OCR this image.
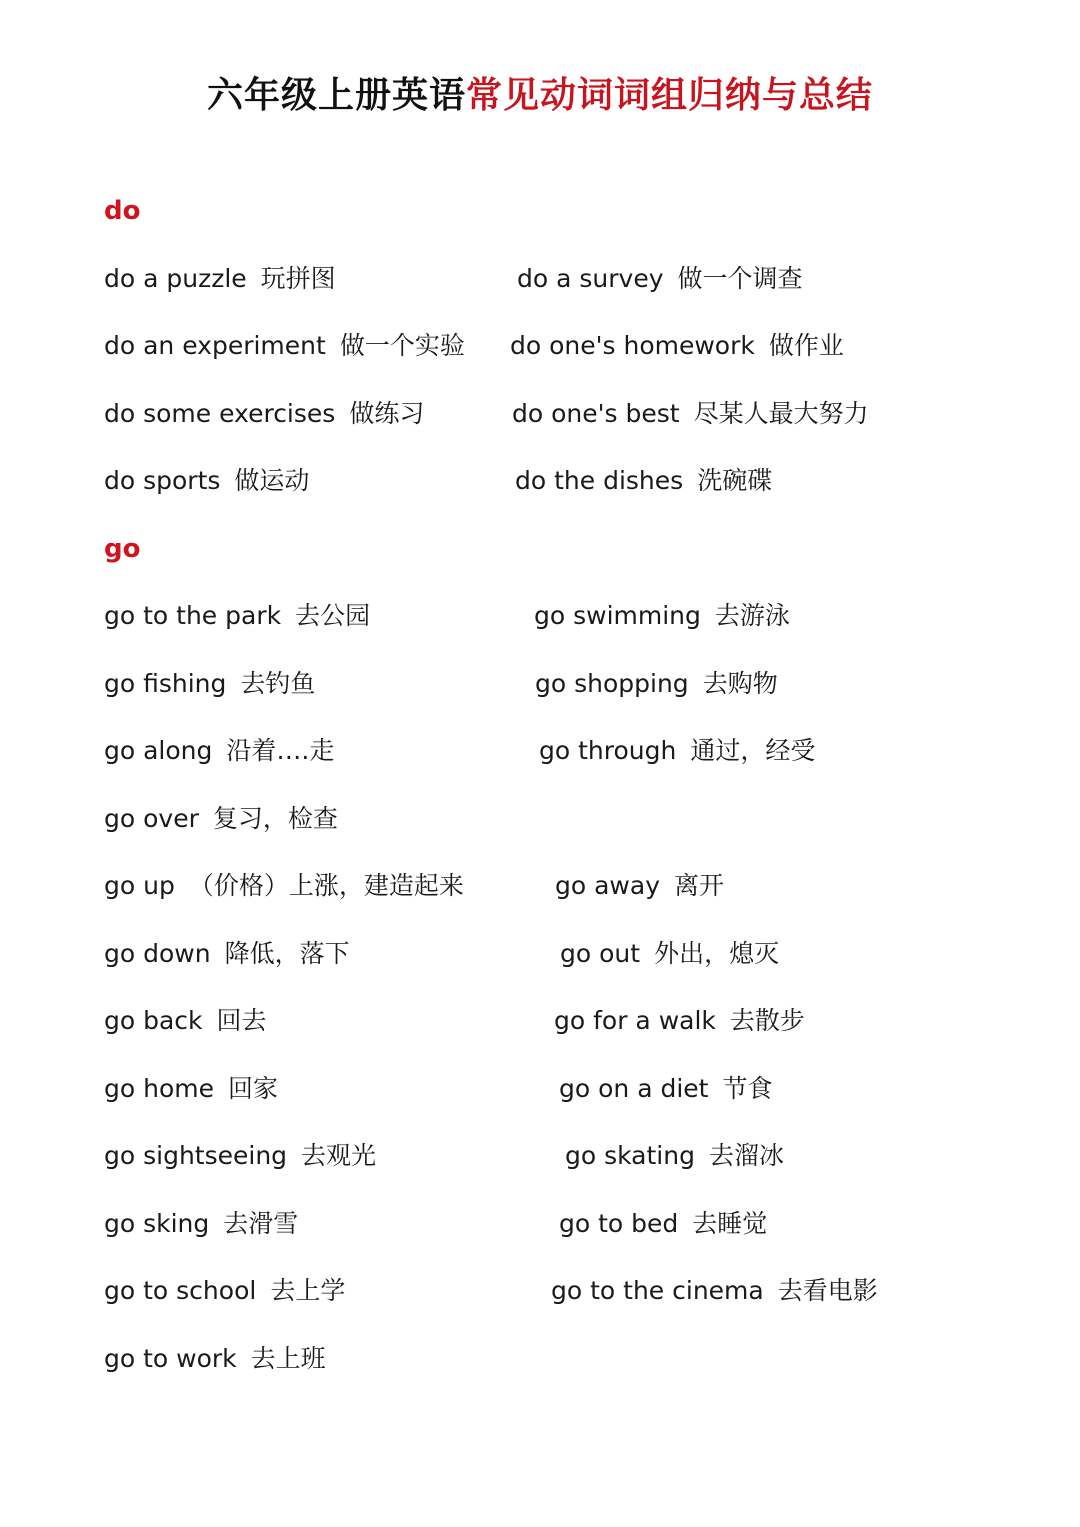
六年级上册英语常见动词词组归纳与总结
do
do a puzzle 玩拼图	do a survey 做一个调查
do an experiment 做一个实验 do one's homework 做作业
do some exercises 做练习	do one's best 尽某人最大努力
do sports 做运动	do the dishes 洗碗碟
go
go to the park 去公园	go swimming 去游泳
go fishing 去钓鱼	go shopping 去购物
go along 沿着….走	go through 通过，经受
go over 复习，检查
go up （价格）上涨，建造起来	go away 离开
go down 降低，落下	go out 外出，熄灭
go back 回去	go for a walk 去散步
go home 回家	go on a diet 节食
go sightseeing 去观光	go skating 去溜冰
go sking 去滑雪	go to bed 去睡觉
go to school 去上学	go to the cinema 去看电影
go to work 去上班
